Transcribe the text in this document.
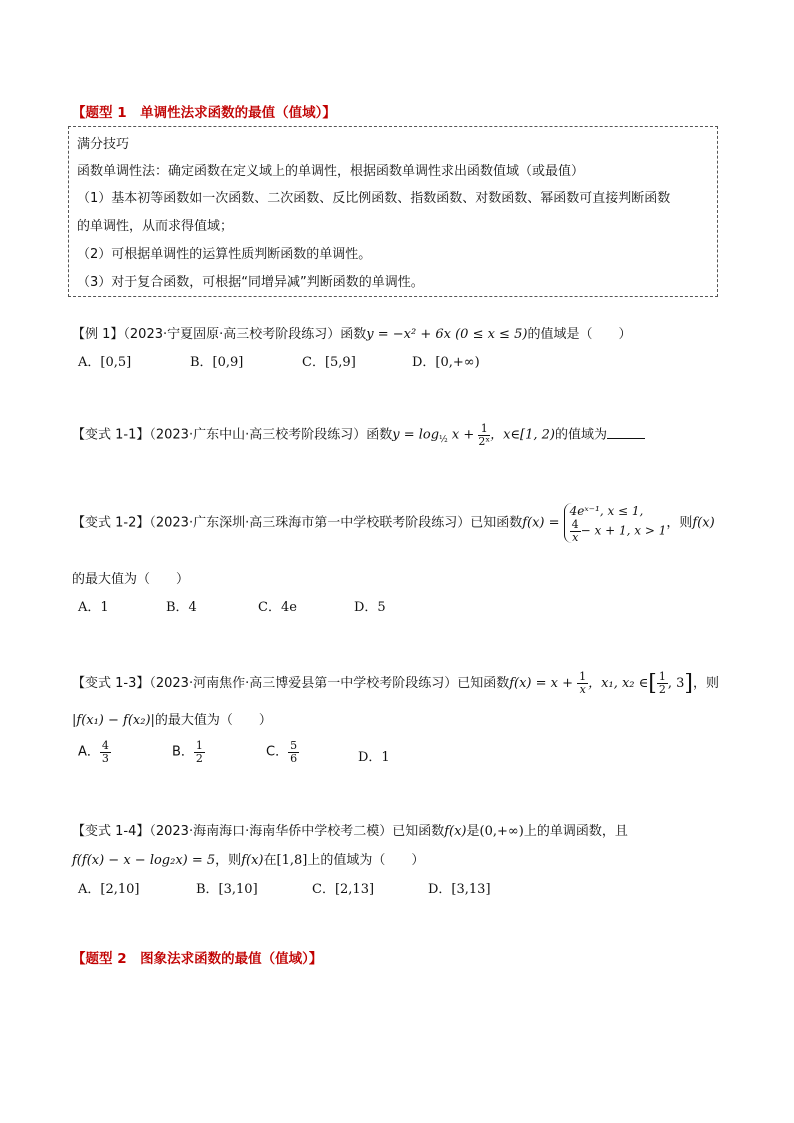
【题型 1　单调性法求函数的最值（值域）】
满分技巧
函数单调性法：确定函数在定义域上的单调性，根据函数单调性求出函数值域（或最值）
（1）基本初等函数如一次函数、二次函数、反比例函数、指数函数、对数函数、幂函数可直接判断函数
的单调性，从而求得值域；
（2）可根据单调性的运算性质判断函数的单调性。
（3）对于复合函数，可根据“同增异减”判断函数的单调性。
【例 1】（2023·宁夏固原·高三校考阶段练习）函数y = −x² + 6x (0 ≤ x ≤ 5)的值域是（　　）
A．[0,5]	B．[0,9]	C．[5,9]	D．[0,+∞)
【变式 1-1】（2023·广东中山·高三校考阶段练习）函数$y = \log_{\frac{1}{2}} x + \frac{1}{\text{2ˣ}}$ ，x∈[1, 2)的值域为
【变式 1-2】（2023·广东深圳·高三珠海市第一中学校联考阶段练习）已知函数f(x) =
4eˣ⁻¹, x ≤ 1,
$\frac{4}{x} - x + 1$, x > 1
，则f(x)
的最大值为（　　）
A．1	B．4	C．4e	D．5
【变式 1-3】（2023·河南焦作·高三博爱县第一中学校考阶段练习）已知函数$f(x) = x + \frac{1}{x}$ ，x₁, x₂ ∈[ $\frac{1}{2}$ , 3]，则
|f(x₁) − f(x₂)|的最大值为（　　）
A． $\frac{4}{3}$	B． $\frac{1}{2}$	C． $\frac{5}{6}$	D．1
【变式 1-4】（2023·海南海口·海南华侨中学校考二模）已知函数f(x)是(0,+∞)上的单调函数，且
f(f(x) − x − log₂x) = 5，则f(x)在[1,8]上的值域为（　　）
A．[2,10]	B．[3,10]	C．[2,13]	D．[3,13]
【题型 2　图象法求函数的最值（值域）】
